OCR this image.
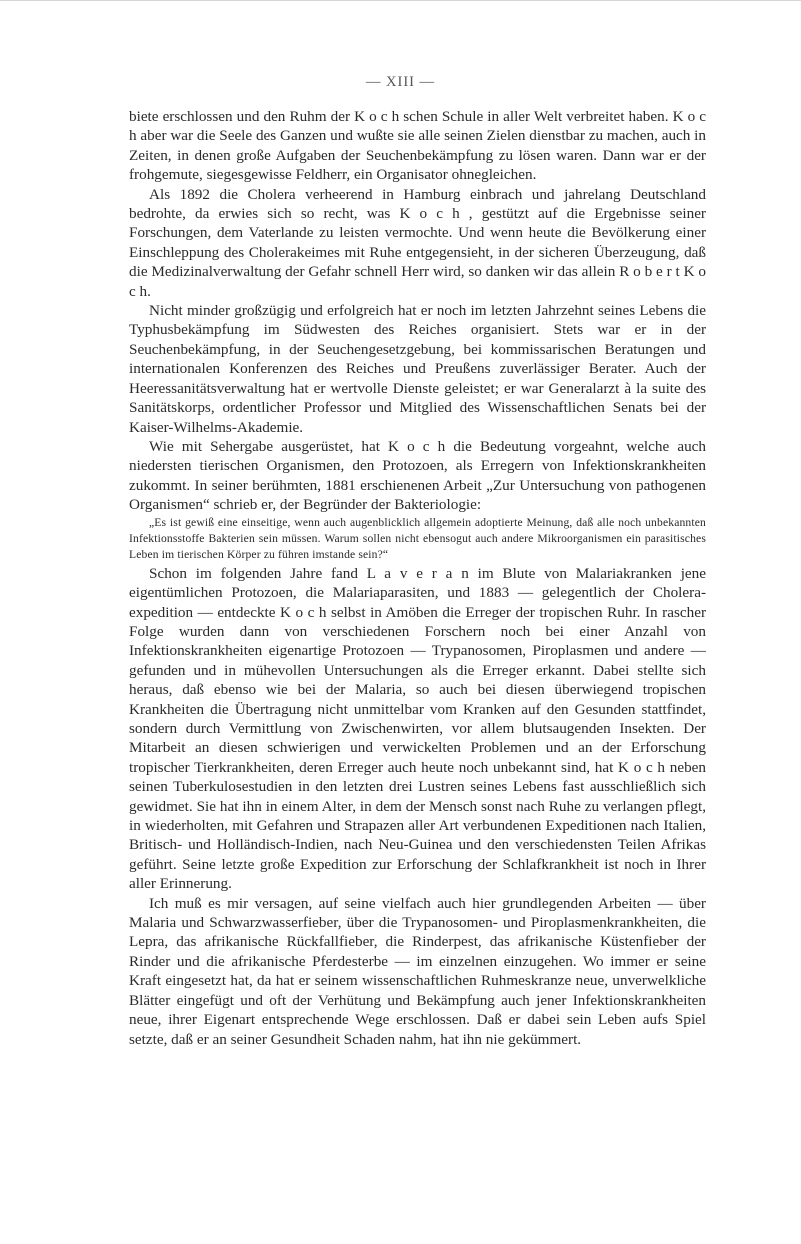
— XIII —

biete erschlossen und den Ruhm der K o c h schen Schule in aller Welt verbreitet haben. K o c h aber war die Seele des Ganzen und wußte sie alle seinen Zielen dienstbar zu machen, auch in Zeiten, in denen große Aufgaben der Seuchenbekämpfung zu lösen waren. Dann war er der frohgemute, siegesgewisse Feldherr, ein Organisator ohnegleichen.

Als 1892 die Cholera verheerend in Hamburg einbrach und jahrelang Deutschland bedrohte, da erwies sich so recht, was K o c h , gestützt auf die Ergebnisse seiner Forschungen, dem Vaterlande zu leisten vermochte. Und wenn heute die Bevölkerung einer Einschleppung des Cholerakeimes mit Ruhe entgegensieht, in der sicheren Überzeugung, daß die Medizinalverwaltung der Gefahr schnell Herr wird, so danken wir das allein R o b e r t K o c h.

Nicht minder großzügig und erfolgreich hat er noch im letzten Jahrzehnt seines Lebens die Typhusbekämpfung im Südwesten des Reiches organisiert. Stets war er in der Seuchenbekämpfung, in der Seuchengesetzgebung, bei kommissarischen Beratungen und internationalen Konferenzen des Reiches und Preußens zuverlässiger Berater. Auch der Heeressanitätsverwaltung hat er wertvolle Dienste geleistet; er war Generalarzt à la suite des Sanitätskorps, ordentlicher Professor und Mitglied des Wissenschaftlichen Senats bei der Kaiser-Wilhelms-Akademie.

Wie mit Sehergabe ausgerüstet, hat K o c h die Bedeutung vorgeahnt, welche auch niedersten tierischen Organismen, den Protozoen, als Erregern von Infektionskrankheiten zukommt. In seiner berühmten, 1881 erschienenen Arbeit „Zur Untersuchung von pathogenen Organismen“ schrieb er, der Begründer der Bakteriologie:

„Es ist gewiß eine einseitige, wenn auch augenblicklich allgemein adoptierte Meinung, daß alle noch unbekannten Infektionsstoffe Bakterien sein müssen. Warum sollen nicht ebensogut auch andere Mikroorganismen ein parasitisches Leben im tierischen Körper zu führen imstande sein?“

Schon im folgenden Jahre fand L a v e r a n im Blute von Malariakranken jene eigentümlichen Protozoen, die Malariaparasiten, und 1883 — gelegentlich der Cholera-expedition — entdeckte K o c h selbst in Amöben die Erreger der tropischen Ruhr. In rascher Folge wurden dann von verschiedenen Forschern noch bei einer Anzahl von Infektionskrankheiten eigenartige Protozoen — Trypanosomen, Piroplasmen und andere — gefunden und in mühevollen Untersuchungen als die Erreger erkannt. Dabei stellte sich heraus, daß ebenso wie bei der Malaria, so auch bei diesen überwiegend tropischen Krankheiten die Übertragung nicht unmittelbar vom Kranken auf den Gesunden stattfindet, sondern durch Vermittlung von Zwischenwirten, vor allem blutsaugenden Insekten. Der Mitarbeit an diesen schwierigen und verwickelten Problemen und an der Erforschung tropischer Tierkrankheiten, deren Erreger auch heute noch unbekannt sind, hat K o c h neben seinen Tuberkulosestudien in den letzten drei Lustren seines Lebens fast ausschließlich sich gewidmet. Sie hat ihn in einem Alter, in dem der Mensch sonst nach Ruhe zu verlangen pflegt, in wiederholten, mit Gefahren und Strapazen aller Art verbundenen Expeditionen nach Italien, Britisch- und Holländisch-Indien, nach Neu-Guinea und den verschiedensten Teilen Afrikas geführt. Seine letzte große Expedition zur Erforschung der Schlafkrankheit ist noch in Ihrer aller Erinnerung.

Ich muß es mir versagen, auf seine vielfach auch hier grundlegenden Arbeiten — über Malaria und Schwarzwasserfieber, über die Trypanosomen- und Piroplasmenkrankheiten, die Lepra, das afrikanische Rückfallfieber, die Rinderpest, das afrikanische Küstenfieber der Rinder und die afrikanische Pferdesterbe — im einzelnen einzugehen. Wo immer er seine Kraft eingesetzt hat, da hat er seinem wissenschaftlichen Ruhmeskranze neue, unverwelkliche Blätter eingefügt und oft der Verhütung und Bekämpfung auch jener Infektionskrankheiten neue, ihrer Eigenart entsprechende Wege erschlossen. Daß er dabei sein Leben aufs Spiel setzte, daß er an seiner Gesundheit Schaden nahm, hat ihn nie gekümmert.
